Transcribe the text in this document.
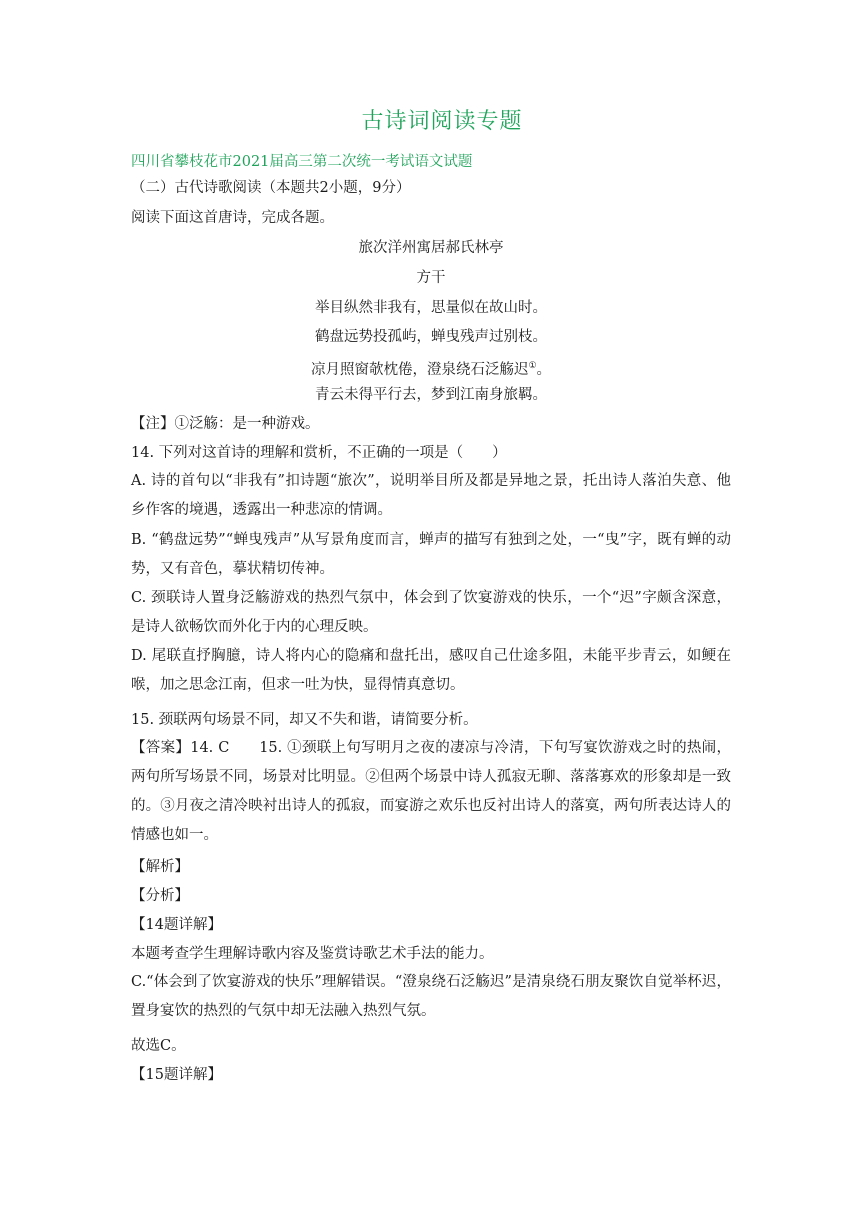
古诗词阅读专题
四川省攀枝花市2021届高三第二次统一考试语文试题
（二）古代诗歌阅读（本题共2小题，9分）
阅读下面这首唐诗，完成各题。
旅次洋州寓居郝氏林亭
方干
举目纵然非我有，思量似在故山时。
鹤盘远势投孤屿，蝉曳残声过别枝。
凉月照窗欹枕倦，澄泉绕石泛觞迟①。
青云未得平行去，梦到江南身旅羁。
【注】①泛觞：是一种游戏。
14. 下列对这首诗的理解和赏析，不正确的一项是（　　）
A. 诗的首句以“非我有”扣诗题“旅次”，说明举目所及都是异地之景，托出诗人落泊失意、他乡作客的境遇，透露出一种悲凉的情调。
B. “鹤盘远势”“蝉曳残声”从写景角度而言，蝉声的描写有独到之处，一“曳”字，既有蝉的动势，又有音色，摹状精切传神。
C. 颈联诗人置身泛觞游戏的热烈气氛中，体会到了饮宴游戏的快乐，一个“迟”字颇含深意，是诗人欲畅饮而外化于内的心理反映。
D. 尾联直抒胸臆，诗人将内心的隐痛和盘托出，感叹自己仕途多阻，未能平步青云，如鲠在喉，加之思念江南，但求一吐为快，显得情真意切。
15. 颈联两句场景不同，却又不失和谐，请简要分析。
【答案】14. C　　15. ①颈联上句写明月之夜的凄凉与冷清，下句写宴饮游戏之时的热闹，两句所写场景不同，场景对比明显。②但两个场景中诗人孤寂无聊、落落寡欢的形象却是一致的。③月夜之清冷映衬出诗人的孤寂，而宴游之欢乐也反衬出诗人的落寞，两句所表达诗人的情感也如一。
【解析】
【分析】
【14题详解】
本题考查学生理解诗歌内容及鉴赏诗歌艺术手法的能力。
C.“体会到了饮宴游戏的快乐”理解错误。“澄泉绕石泛觞迟”是清泉绕石朋友聚饮自觉举杯迟，置身宴饮的热烈的气氛中却无法融入热烈气氛。
故选C。
【15题详解】
